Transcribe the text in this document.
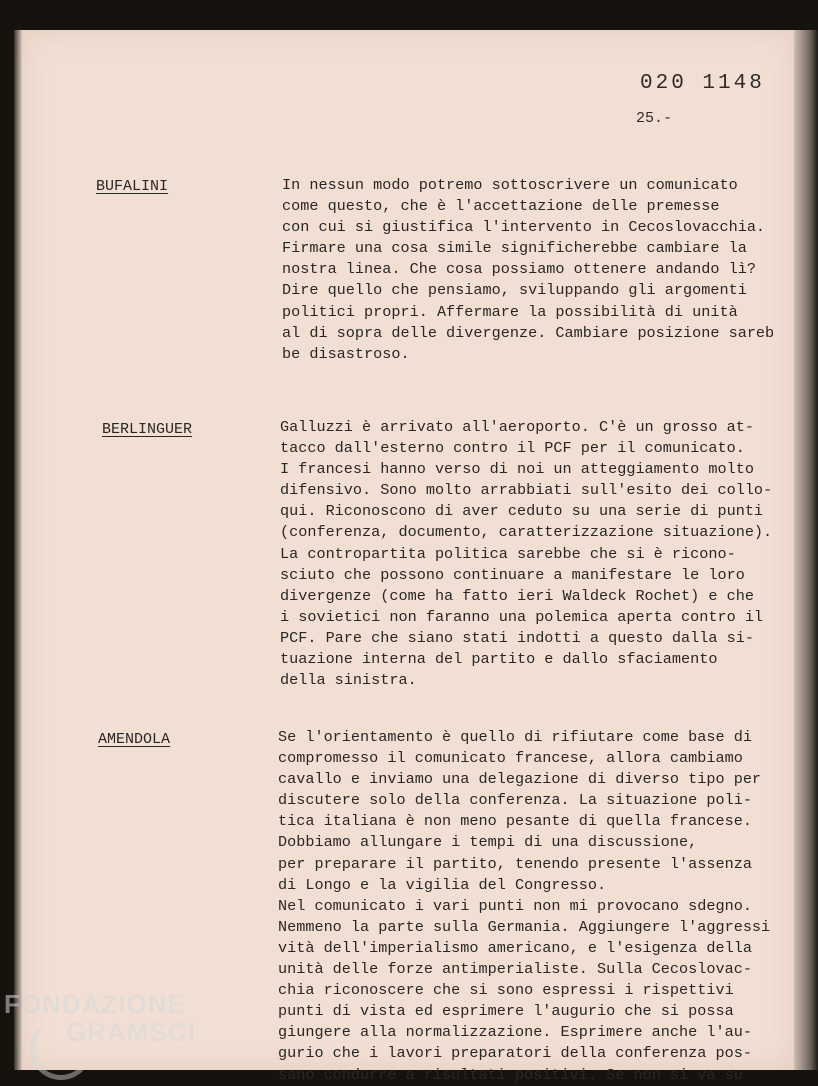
020 1148
25.-
BUFALINI	In nessun modo potremo sottoscrivere un comunicato
come questo, che è l'accettazione delle premesse
con cui si giustifica l'intervento in Cecoslovacchia.
Firmare una cosa simile significherebbe cambiare la
nostra linea. Che cosa possiamo ottenere andando lì?
Dire quello che pensiamo, sviluppando gli argomenti
politici propri. Affermare la possibilità di unità
al di sopra delle divergenze. Cambiare posizione sareb
be disastroso.
BERLINGUER	Galluzzi è arrivato all'aeroporto. C'è un grosso at-
tacco dall'esterno contro il PCF per il comunicato.
I francesi hanno verso di noi un atteggiamento molto
difensivo. Sono molto arrabbiati sull'esito dei collo-
qui. Riconoscono di aver ceduto su una serie di punti
(conferenza, documento, caratterizzazione situazione).
La contropartita politica sarebbe che si è ricono-
sciuto che possono continuare a manifestare le loro
divergenze (come ha fatto ieri Waldeck Rochet) e che
i sovietici non faranno una polemica aperta contro il
PCF. Pare che siano stati indotti a questo dalla si-
tuazione interna del partito e dallo sfaciamento
della sinistra.
AMENDOLA	Se l'orientamento è quello di rifiutare come base di
compromesso il comunicato francese, allora cambiamo
cavallo e inviamo una delegazione di diverso tipo per
discutere solo della conferenza. La situazione poli-
tica italiana è non meno pesante di quella francese.
Dobbiamo allungare i tempi di una discussione,
per preparare il partito, tenendo presente l'assenza
di Longo e la vigilia del Congresso.
Nel comunicato i vari punti non mi provocano sdegno.
Nemmeno la parte sulla Germania. Aggiungere l'aggressi
vità dell'imperialismo americano, e l'esigenza della
unità delle forze antimperialiste. Sulla Cecoslovac-
chia riconoscere che si sono espressi i rispettivi
punti di vista ed esprimere l'augurio che si possa
giungere alla normalizzazione. Esprimere anche l'au-
gurio che i lavori preparatori della conferenza pos-
sano condurre a risultati positivi. Se non si va su
FONDAZIONE
GRAMSCI
